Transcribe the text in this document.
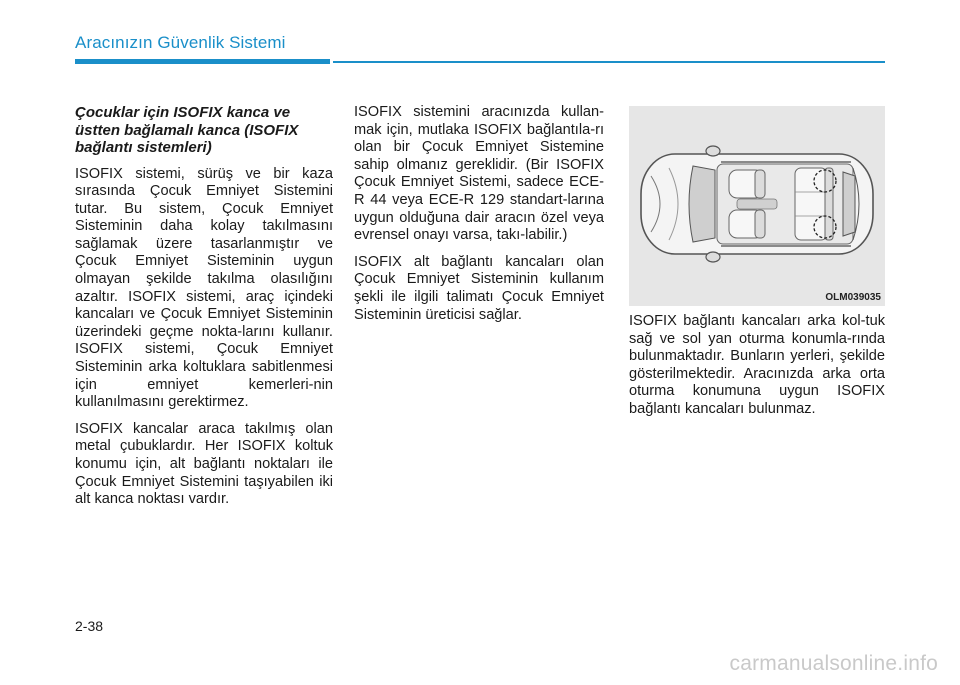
Aracınızın Güvenlik Sistemi
Çocuklar için ISOFIX kanca ve üstten bağlamalı kanca (ISOFIX bağlantı sistemleri)

ISOFIX sistemi, sürüş ve bir kaza sırasında Çocuk Emniyet Sistemini tutar. Bu sistem, Çocuk Emniyet Sisteminin daha kolay takılmasını sağlamak üzere tasarlanmıştır ve Çocuk Emniyet Sisteminin uygun olmayan şekilde takılma olasılığını azaltır. ISOFIX sistemi, araç içindeki kancaları ve Çocuk Emniyet Sisteminin üzerindeki geçme nokta-larını kullanır. ISOFIX sistemi, Çocuk Emniyet Sisteminin arka koltuklara sabitlenmesi için emniyet kemerleri-nin kullanılmasını gerektirmez.

ISOFIX kancalar araca takılmış olan metal çubuklardır. Her ISOFIX koltuk konumu için, alt bağlantı noktaları ile Çocuk Emniyet Sistemini taşıyabilen iki alt kanca noktası vardır.

ISOFIX sistemini aracınızda kullan-mak için, mutlaka ISOFIX bağlantıla-rı olan bir Çocuk Emniyet Sistemine sahip olmanız gereklidir. (Bir ISOFIX Çocuk Emniyet Sistemi, sadece ECE-R 44 veya ECE-R 129 standart-larına uygun olduğuna dair aracın özel veya evrensel onayı varsa, takı-labilir.)

ISOFIX alt bağlantı kancaları olan Çocuk Emniyet Sisteminin kullanım şekli ile ilgili talimatı Çocuk Emniyet Sisteminin üreticisi sağlar.

OLM039035

ISOFIX bağlantı kancaları arka kol-tuk sağ ve sol yan oturma konumla-rında bulunmaktadır. Bunların yerleri, şekilde gösterilmektedir. Aracınızda arka orta oturma konumuna uygun ISOFIX bağlantı kancaları bulunmaz.

2-38
carmanualsonline.info
